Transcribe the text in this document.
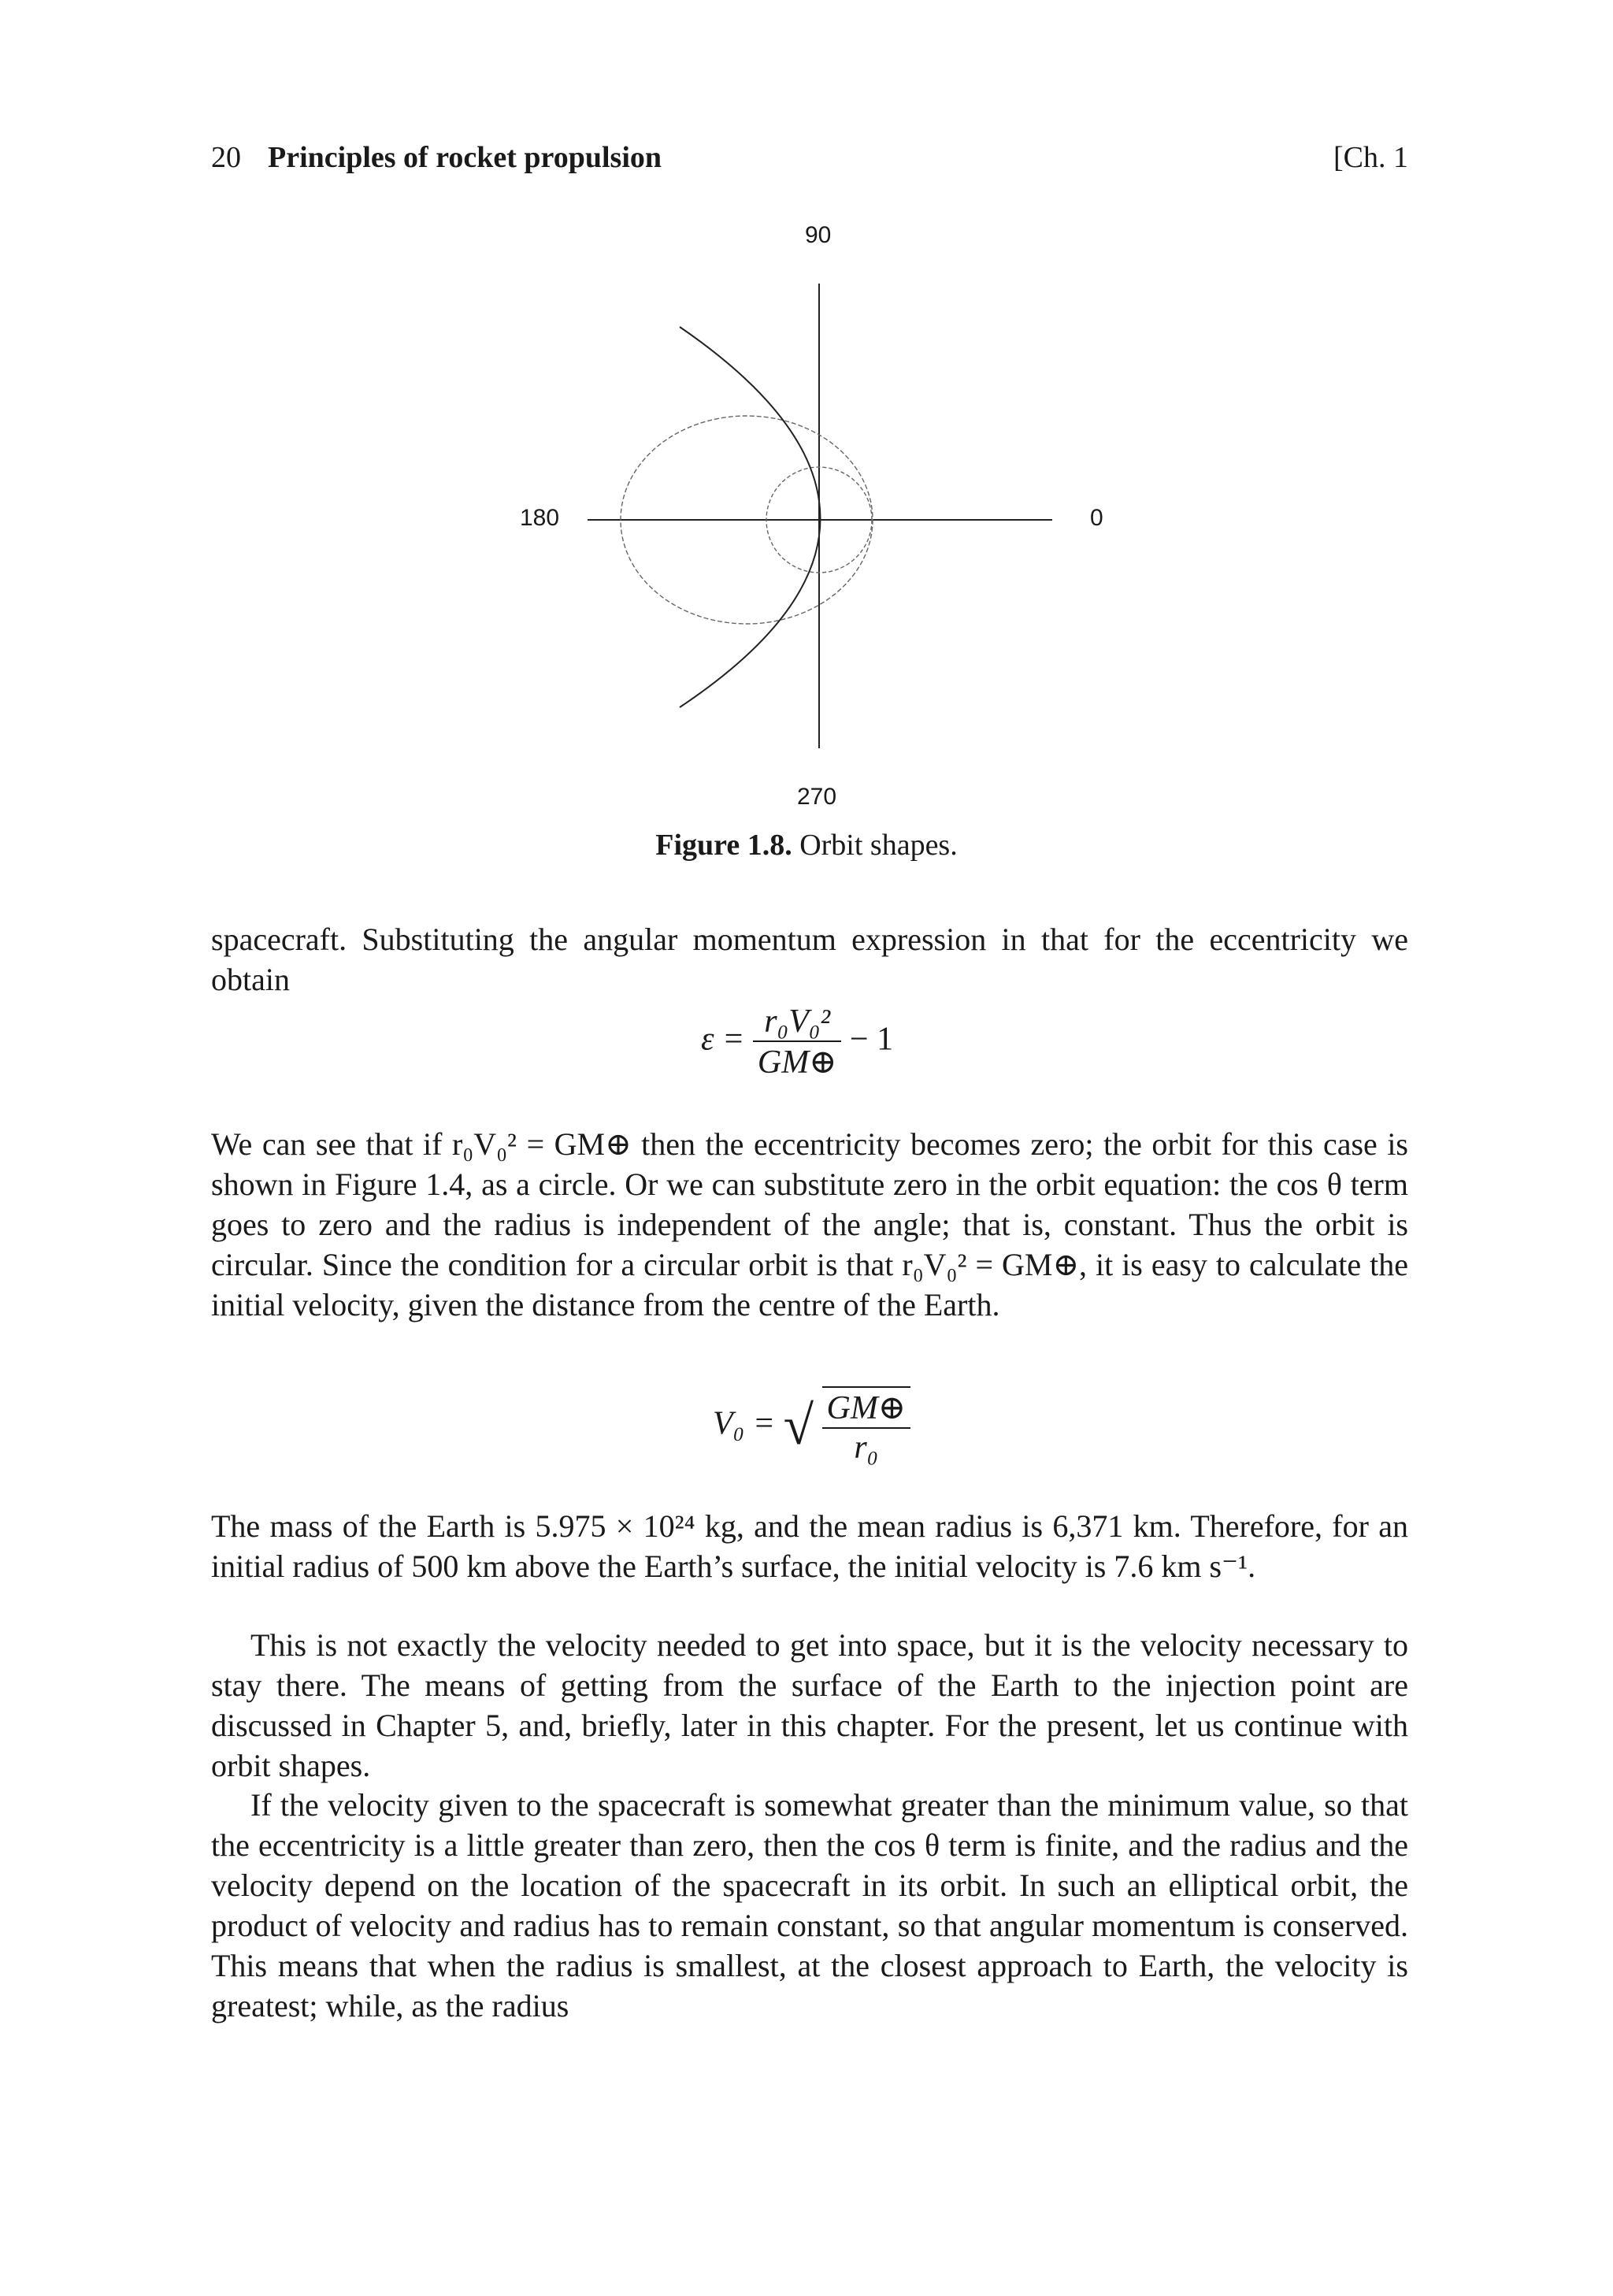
20 Principles of rocket propulsion	[Ch. 1
90
180	0
270
Figure 1.8. Orbit shapes.

spacecraft. Substituting the angular momentum expression in that for the eccentricity we obtain

$\varepsilon = \frac{\text{r₀V₀²}}{GM\oplus} - 1$

We can see that if r₀V₀² = GM⊕ then the eccentricity becomes zero; the orbit for this case is shown in Figure 1.4, as a circle. Or we can substitute zero in the orbit equation: the cos θ term goes to zero and the radius is independent of the angle; that is, constant. Thus the orbit is circular. Since the condition for a circular orbit is that r₀V₀² = GM⊕, it is easy to calculate the initial velocity, given the distance from the centre of the Earth.

V₀ = √ $\frac{GM\oplus}{\text{r₀}}$

The mass of the Earth is 5.975 × 10²⁴ kg, and the mean radius is 6,371 km. Therefore, for an initial radius of 500 km above the Earth’s surface, the initial velocity is 7.6 km s⁻¹.

This is not exactly the velocity needed to get into space, but it is the velocity necessary to stay there. The means of getting from the surface of the Earth to the injection point are discussed in Chapter 5, and, briefly, later in this chapter. For the present, let us continue with orbit shapes.

If the velocity given to the spacecraft is somewhat greater than the minimum value, so that the eccentricity is a little greater than zero, then the cos θ term is finite, and the radius and the velocity depend on the location of the spacecraft in its orbit. In such an elliptical orbit, the product of velocity and radius has to remain constant, so that angular momentum is conserved. This means that when the radius is smallest, at the closest approach to Earth, the velocity is greatest; while, as the radius
